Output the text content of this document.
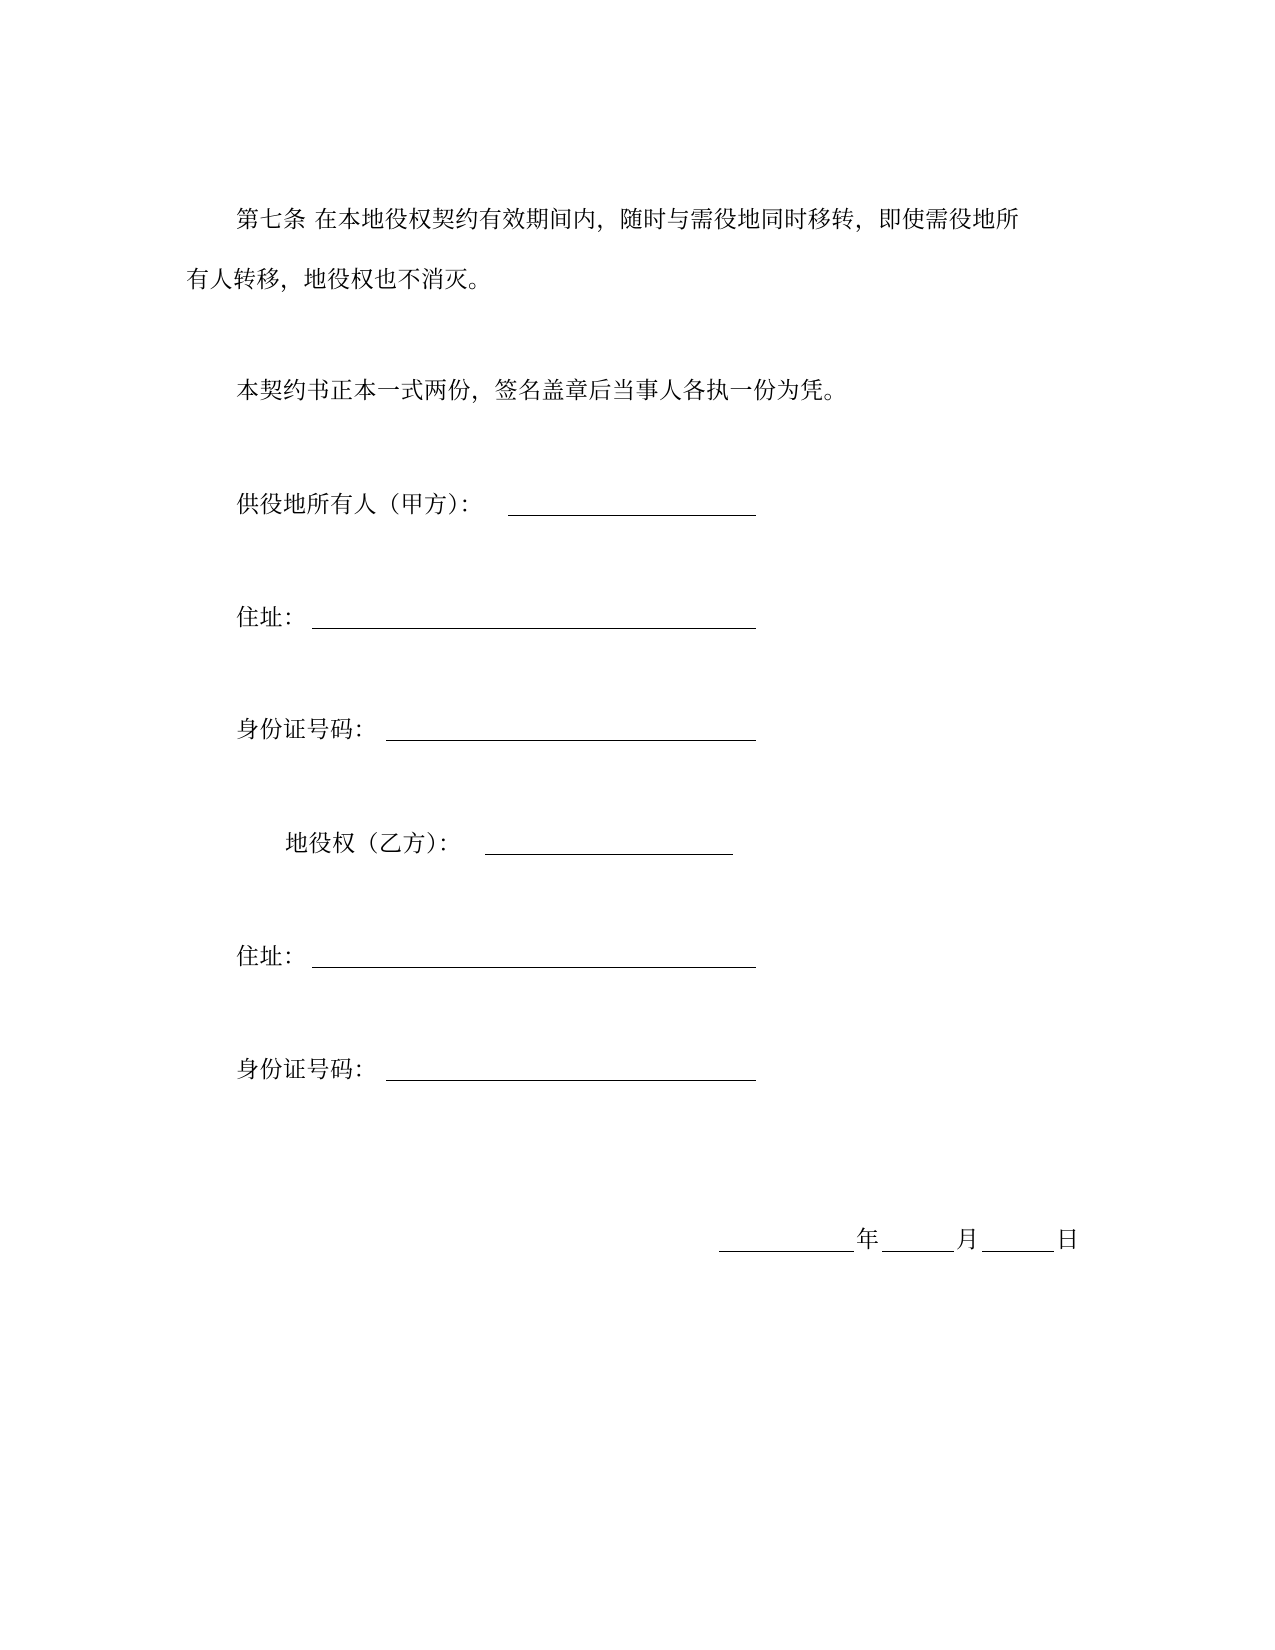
第七条 在本地役权契约有效期间内，随时与需役地同时移转，即使需役地所
有人转移，地役权也不消灭。
本契约书正本一式两份，签名盖章后当事人各执一份为凭。
供役地所有人（甲方）：
住址：
身份证号码：
地役权（乙方）：
住址：
身份证号码：
年	月	日
